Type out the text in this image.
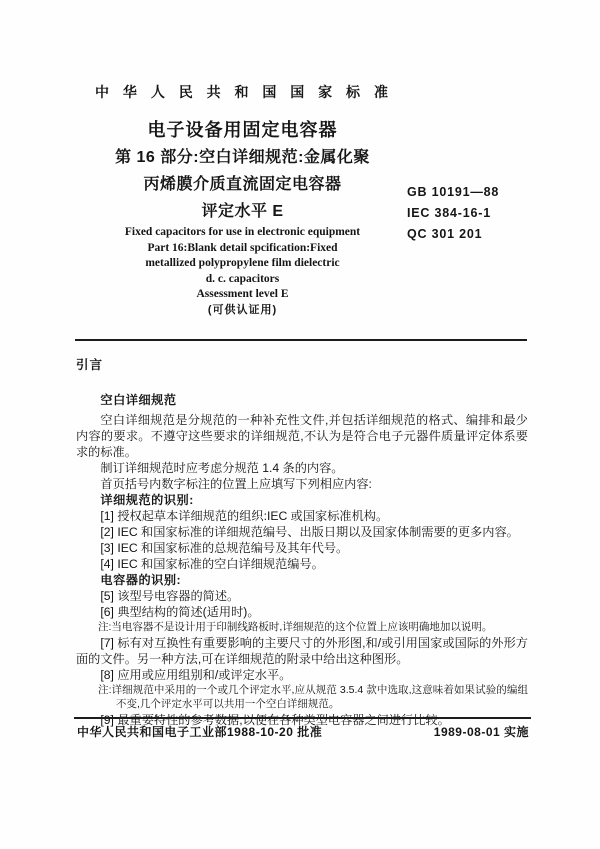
中 华 人 民 共 和 国 国 家 标 准
电子设备用固定电容器
第 16 部分:空白详细规范:金属化聚
丙烯膜介质直流固定电容器
评定水平 E
GB 10191—88
IEC 384-16-1
QC 301 201
Fixed capacitors for use in electronic equipment
Part 16:Blank detail spcification:Fixed
metallized polypropylene film dielectric
d. c. capacitors
Assessment level E
(可供认证用)
引言

空白详细规范

空白详细规范是分规范的一种补充性文件,并包括详细规范的格式、编排和最少内容的要求。不遵守这些要求的详细规范,不认为是符合电子元器件质量评定体系要求的标准。

制订详细规范时应考虑分规范 1.4 条的内容。

首页括号内数字标注的位置上应填写下列相应内容:

详细规范的识别:

[1] 授权起草本详细规范的组织:IEC 或国家标准机构。

[2] IEC 和国家标准的详细规范编号、出版日期以及国家体制需要的更多内容。

[3] IEC 和国家标准的总规范编号及其年代号。

[4] IEC 和国家标准的空白详细规范编号。

电容器的识别:

[5] 该型号电容器的简述。

[6] 典型结构的简述(适用时)。

注:当电容器不是设计用于印制线路板时,详细规范的这个位置上应该明确地加以说明。

[7] 标有对互换性有重要影响的主要尺寸的外形图,和/或引用国家或国际的外形方面的文件。另一种方法,可在详细规范的附录中给出这种图形。

[8] 应用或应用组别和/或评定水平。

注:详细规范中采用的一个或几个评定水平,应从规范 3.5.4 款中选取,这意味着如果试验的编组不变,几个评定水平可以共用一个空白详细规范。

[9] 最重要特性的参考数据,以便在各种类型电容器之间进行比较。

中华人民共和国电子工业部1988-10-20 批准	1989-08-01 实施
